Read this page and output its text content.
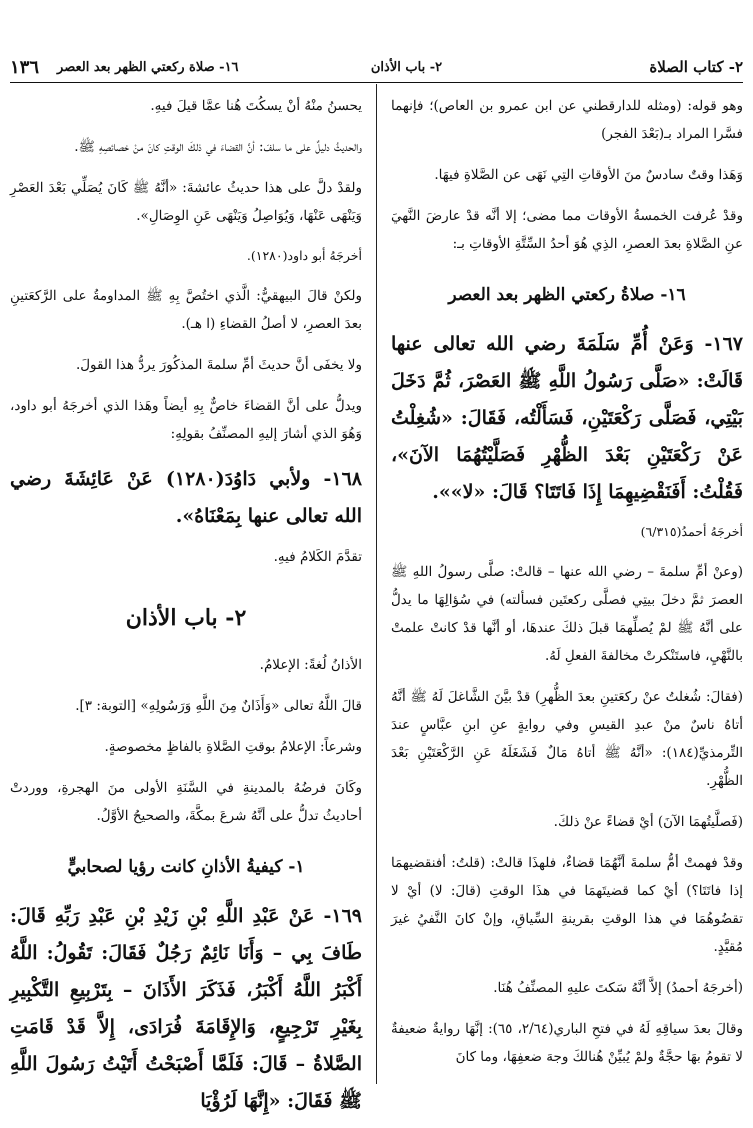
٢- كتاب الصلاة
٢- باب الأذان
١٦- صلاة ركعتي الظهر بعد العصر
١٣٦

وهو قوله: (ومثله للدارقطني عن ابن عمرو بن العاص)؛ فإنهما فسَّرا المراد بـ(بَعْدَ الفجر)

وَهَذا وقتٌ سادسٌ منَ الأوقاتِ التِي نَهَى عن الصَّلاةِ فيهَا.

وقدْ عُرفت الخمسةُ الأوقات مما مضى؛ إلا أنَّه قدْ عارضَ النَّهيَ عنِ الصَّلاةِ بعدَ العصرِ، الذِي هُوَ أحدُ السِّتَّةِ الأوقاتِ بـ:

١٦- صلاةُ ركعتي الظهر بعد العصر

١٦٧- وَعَنْ أُمِّ سَلَمَةَ رضي الله تعالى عنها قَالَتْ: «صَلَّى رَسُولُ اللَّهِ ﷺ العَصْرَ، ثُمَّ دَخَلَ بَيْتِي، فَصَلَّى رَكْعَتَيْنِ، فَسَأَلْتُه، فَقَالَ: «شُغِلْتُ عَنْ رَكْعَتَيْنِ بَعْدَ الظُّهْرِ فَصَلَّيْتُهُمَا الآنَ»، فَقُلْتُ: أَفَنَقْضِيهِمَا إِذَا فَاتَتَا؟ قَالَ: «لا»».

أخرجَهُ أحمدُ(٦/٣١٥)

(وعنْ أمِّ سلمةَ – رضي الله عنها – قالتْ: صلَّى رسولُ اللهِ ﷺ العصرَ ثمَّ دخلَ بيتِي فصلَّى ركعتَين فسألته) في سُؤالِهَا ما يدلُّ على أنَّهُ ﷺ لمْ يُصلِّهمَا قبلَ ذلكَ عندهَا، أو أنَّها قدْ كانتْ علمتْ بالنَّهْيِ، فاستَنْكرتْ مخالفةَ الفعلِ لَهُ.

(فقالَ: شُغلتُ عنْ ركعَتينِ بعدَ الظُّهرِ) قدْ بيَّنَ الشَّاغلَ لَهُ ﷺ أنَّهُ أتاهُ ناسٌ منْ عبدِ القيسِ وفي روايةٍ عنِ ابنِ عبَّاسٍ عندَ التِّرمذيِّ(١٨٤): «أنَّهُ ﷺ أتاهُ مَالٌ فَشَغَلَهُ عَنِ الرَّكْعَتَيْنِ بَعْدَ الظُّهْرِ.

(فَصلَّيتُهمَا الآنَ) أيْ قضاءً عنْ ذلكَ.

وقدْ فهمتْ أمُّ سلمةَ أنَّهُمَا قضاءٌ، فلهذَا قالتْ: (قلتُ: أفنقضيهمَا إذا فاتَتَا؟) أيْ كما قضيتَهمَا في هذَا الوقتِ (قالَ: لا) أيْ لا تقضُوهُمَا في هذا الوقتِ بقرينةِ السِّياقِ، وإنْ كانَ النَّفيُ غيرَ مُقيَّدٍ.

(أخرجَهُ أحمدُ) إلاَّ أنَّهُ سَكتَ عليهِ المصنِّفُ هُنَا.

وقالَ بعدَ سياقِهِ لَهُ في فتحِ الباري(٢/٦٤، ٦٥): إنَّهَا روايةٌ ضعيفةٌ لا تقومُ بهَا حجَّةٌ ولمْ يُبيِّنْ هُنالكَ وجهَ ضعفِهَا، وما كانَ

يحسنُ منْهُ أنْ يسكُتَ هُنا عمَّا قيلَ فيهِ.

والحديثُ دليلٌ على ما سلفَ: أنَّ القضاءَ في ذلكَ الوقتِ كانَ منْ خصائصِهِ ﷺ.

ولقدْ دلَّ على هذا حديثُ عائشةَ: «أنَّهُ ﷺ كَانَ يُصَلِّي بَعْدَ العَصْرِ وَيَنْهَى عَنْهَا، وَيُوَاصِلُ وَيَنْهَى عَنِ الوِصَالِ».

أخرجَهُ أبو داود(١٢٨٠).

ولكنْ قالَ البيهقيُّ: الَّذي اختُصَّ بِهِ ﷺ المداومةُ على الرَّكعَتينِ بعدَ العصرِ، لا أصلُ القضاءِ (ا هـ).

ولا يخفَى أنَّ حديثَ أمِّ سلمةَ المذكُورَ يردُّ هذا القولَ.

ويدلُّ على أنَّ القضاءَ خاصٌّ بِهِ أيضاً وهَذا الذي أخرجَهُ أبو داود، وَهُوَ الذي أشارَ إليهِ المصنِّفُ بقولِهِ:

١٦٨- ولأبي دَاوُدَ(١٢٨٠) عَنْ عَائِشَةَ رضي الله تعالى عنها بِمَعْنَاهُ».

تقدَّمَ الكَلامُ فيهِ.

٢- باب الأذان

الأذانُ لُغةً: الإعلامُ.

قالَ اللَّهُ تعالى «وَأَذَانٌ مِنَ اللَّهِ وَرَسُولِهِ» [التوبة: ٣].

وشرعاً: الإعلامُ بوقتِ الصَّلاةِ بالفاظٍ مخصوصةٍ.

وكَانَ فرضُهُ بالمدينةِ في السَّنَةِ الأولى منَ الهجرةِ، ووردتْ أحاديثُ تدلُّ على أنَّهُ شرعَ بمكَّةَ، والصحيحُ الأوَّلُ.

١- كيفيةُ الأذانِ كانت رؤيا لصحابيٍّ

١٦٩- عَنْ عَبْدِ اللَّهِ بْنِ زَيْدِ بْنِ عَبْدِ رَبِّهِ قَالَ: طَافَ بِي – وَأَنَا نَائِمٌ رَجُلٌ فَقَالَ: تَقُولُ: اللَّهُ أَكْبَرُ اللَّهُ أَكْبَرُ، فَذَكَرَ الأَذَانَ – بِتَرْبِيعِ التَّكْبِيرِ بِغَيْرِ تَرْجِيعٍ، وَالإِقَامَةَ فُرَادَى، إِلاَّ قَدْ قَامَتِ الصَّلاةُ – قَالَ: فَلَمَّا أَصْبَحْتُ أَتَيْتُ رَسُولَ اللَّهِ ﷺ فَقَالَ: «إِنَّهَا لَرُؤْيَا
